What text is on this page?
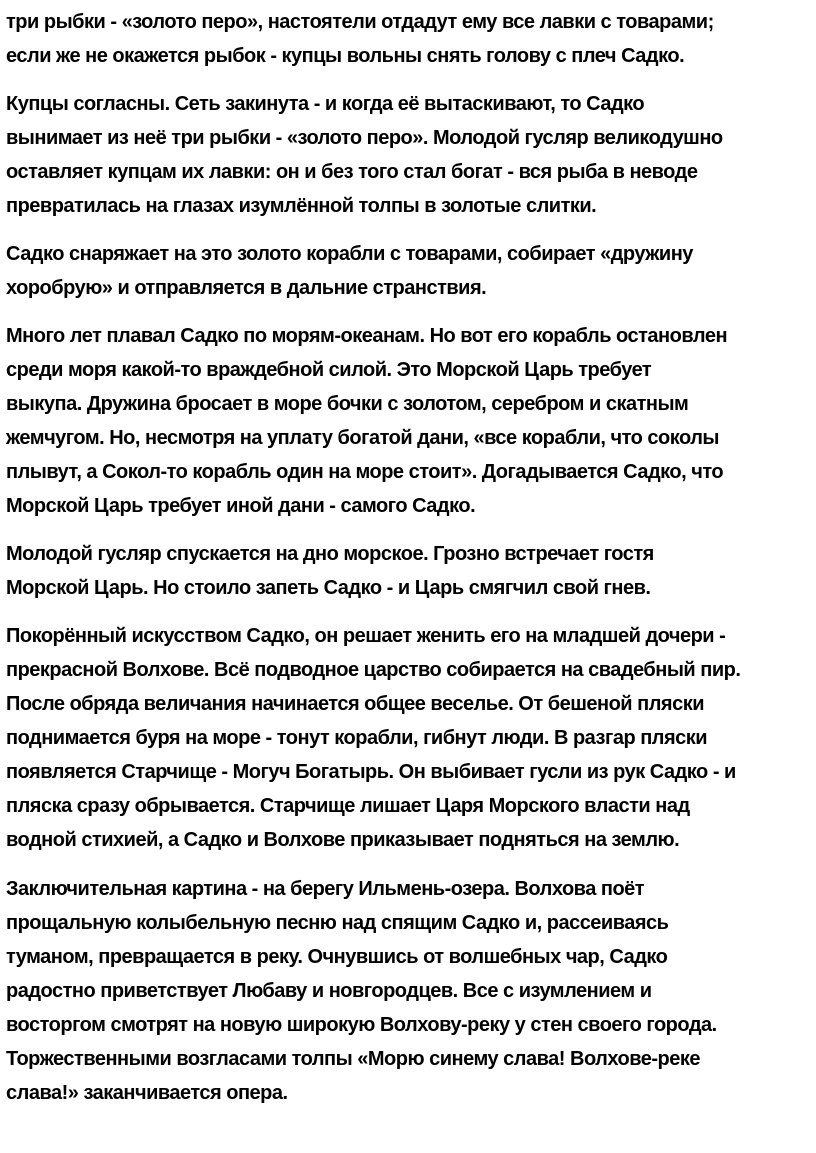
три рыбки - «золото перо», настоятели отдадут ему все лавки с товарами;
если же не окажется рыбок - купцы вольны снять голову с плеч Садко.

Купцы согласны. Сеть закинута - и когда её вытаскивают, то Садко
вынимает из неё три рыбки - «золото перо». Молодой гусляр великодушно
оставляет купцам их лавки: он и без того стал богат - вся рыба в неводе
превратилась на глазах изумлённой толпы в золотые слитки.

Садко снаряжает на это золото корабли с товарами, собирает «дружину
хоробрую» и отправляется в дальние странствия.

Много лет плавал Садко по морям-океанам. Но вот его корабль остановлен
среди моря какой-то враждебной силой. Это Морской Царь требует
выкупа. Дружина бросает в море бочки с золотом, серебром и скатным
жемчугом. Но, несмотря на уплату богатой дани, «все корабли, что соколы
плывут, а Сокол-то корабль один на море стоит». Догадывается Садко, что
Морской Царь требует иной дани - самого Садко.

Молодой гусляр спускается на дно морское. Грозно встречает гостя
Морской Царь. Но стоило запеть Садко - и Царь смягчил свой гнев.

Покорённый искусством Садко, он решает женить его на младшей дочери -
прекрасной Волхове. Всё подводное царство собирается на свадебный пир.
После обряда величания начинается общее веселье. От бешеной пляски
поднимается буря на море - тонут корабли, гибнут люди. В разгар пляски
появляется Старчище - Могуч Богатырь. Он выбивает гусли из рук Садко - и
пляска сразу обрывается. Старчище лишает Царя Морского власти над
водной стихией, а Садко и Волхове приказывает подняться на землю.

Заключительная картина - на берегу Ильмень-озера. Волхова поёт
прощальную колыбельную песню над спящим Садко и, рассеиваясь
туманом, превращается в реку. Очнувшись от волшебных чар, Садко
радостно приветствует Любаву и новгородцев. Все с изумлением и
восторгом смотрят на новую широкую Волхову-реку у стен своего города.
Торжественными возгласами толпы «Морю синему слава! Волхове-реке
слава!» заканчивается опера.
